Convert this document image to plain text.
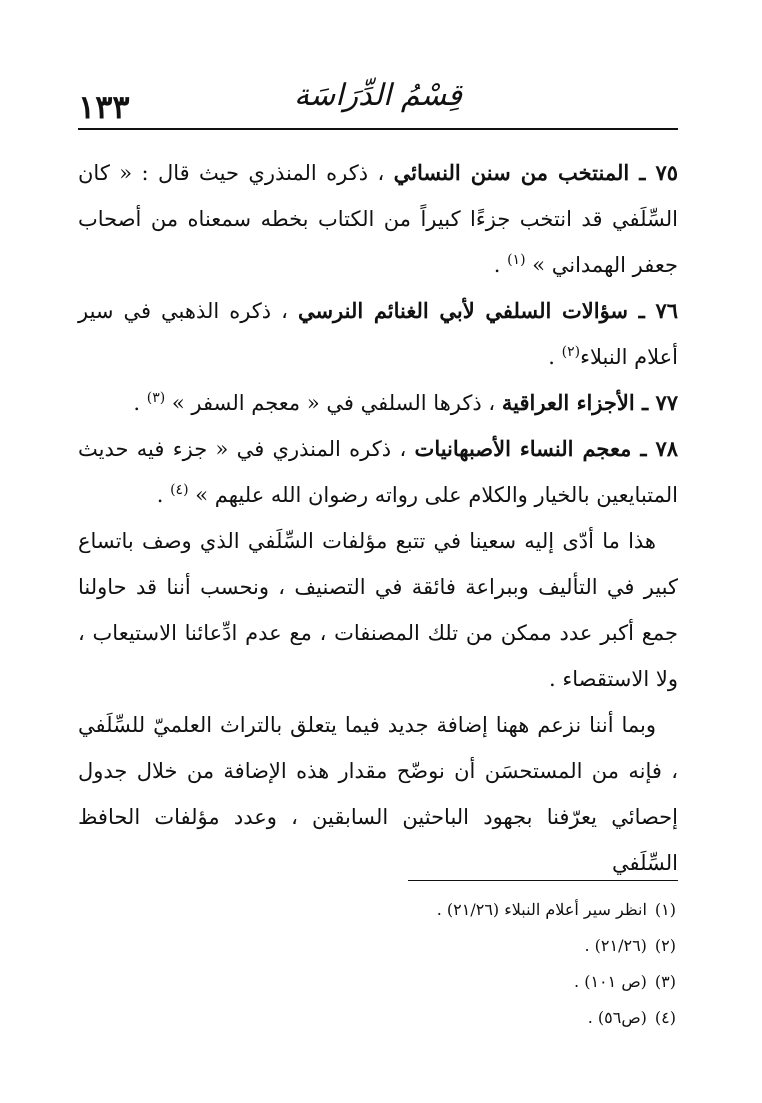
قِسْمُ الدِّرَاسَة
١٣٣

٧٥ ـ المنتخب من سنن النسائي ، ذكره المنذري حيث قال : « كان السِّلَفي قد انتخب جزءًا كبيراً من الكتاب بخطه سمعناه من أصحاب جعفر الهمداني » $^{(١)}$ .

٧٦ ـ سؤالات السلفي لأبي الغنائم النرسي ، ذكره الذهبي في سير أعلام النبلاء$^{(٢)}$ .

٧٧ ـ الأجزاء العراقية ، ذكرها السلفي في « معجم السفر » $^{(٣)}$ .

٧٨ ـ معجم النساء الأصبهانيات ، ذكره المنذري في « جزء فيه حديث المتبايعين بالخيار والكلام على رواته رضوان الله عليهم » $^{(٤)}$ .

هذا ما أدّى إليه سعينا في تتبع مؤلفات السِّلَفي الذي وصف باتساع كبير في التأليف وببراعة فائقة في التصنيف ، ونحسب أننا قد حاولنا جمع أكبر عدد ممكن من تلك المصنفات ، مع عدم ادِّعائنا الاستيعاب ، ولا الاستقصاء .

وبما أننا نزعم ههنا إضافة جديد فيما يتعلق بالتراث العلميّ للسِّلَفي ، فإنه من المستحسَن أن نوضّح مقدار هذه الإضافة من خلال جدول إحصائي يعرّفنا بجهود الباحثين السابقين ، وعدد مؤلفات الحافظ السِّلَفي

(١)انظر سير أعلام النبلاء (٢١/٢٦) .
(٢)(٢١/٢٦) .
(٣)(ص ١٠١) .
(٤)(ص٥٦) .
